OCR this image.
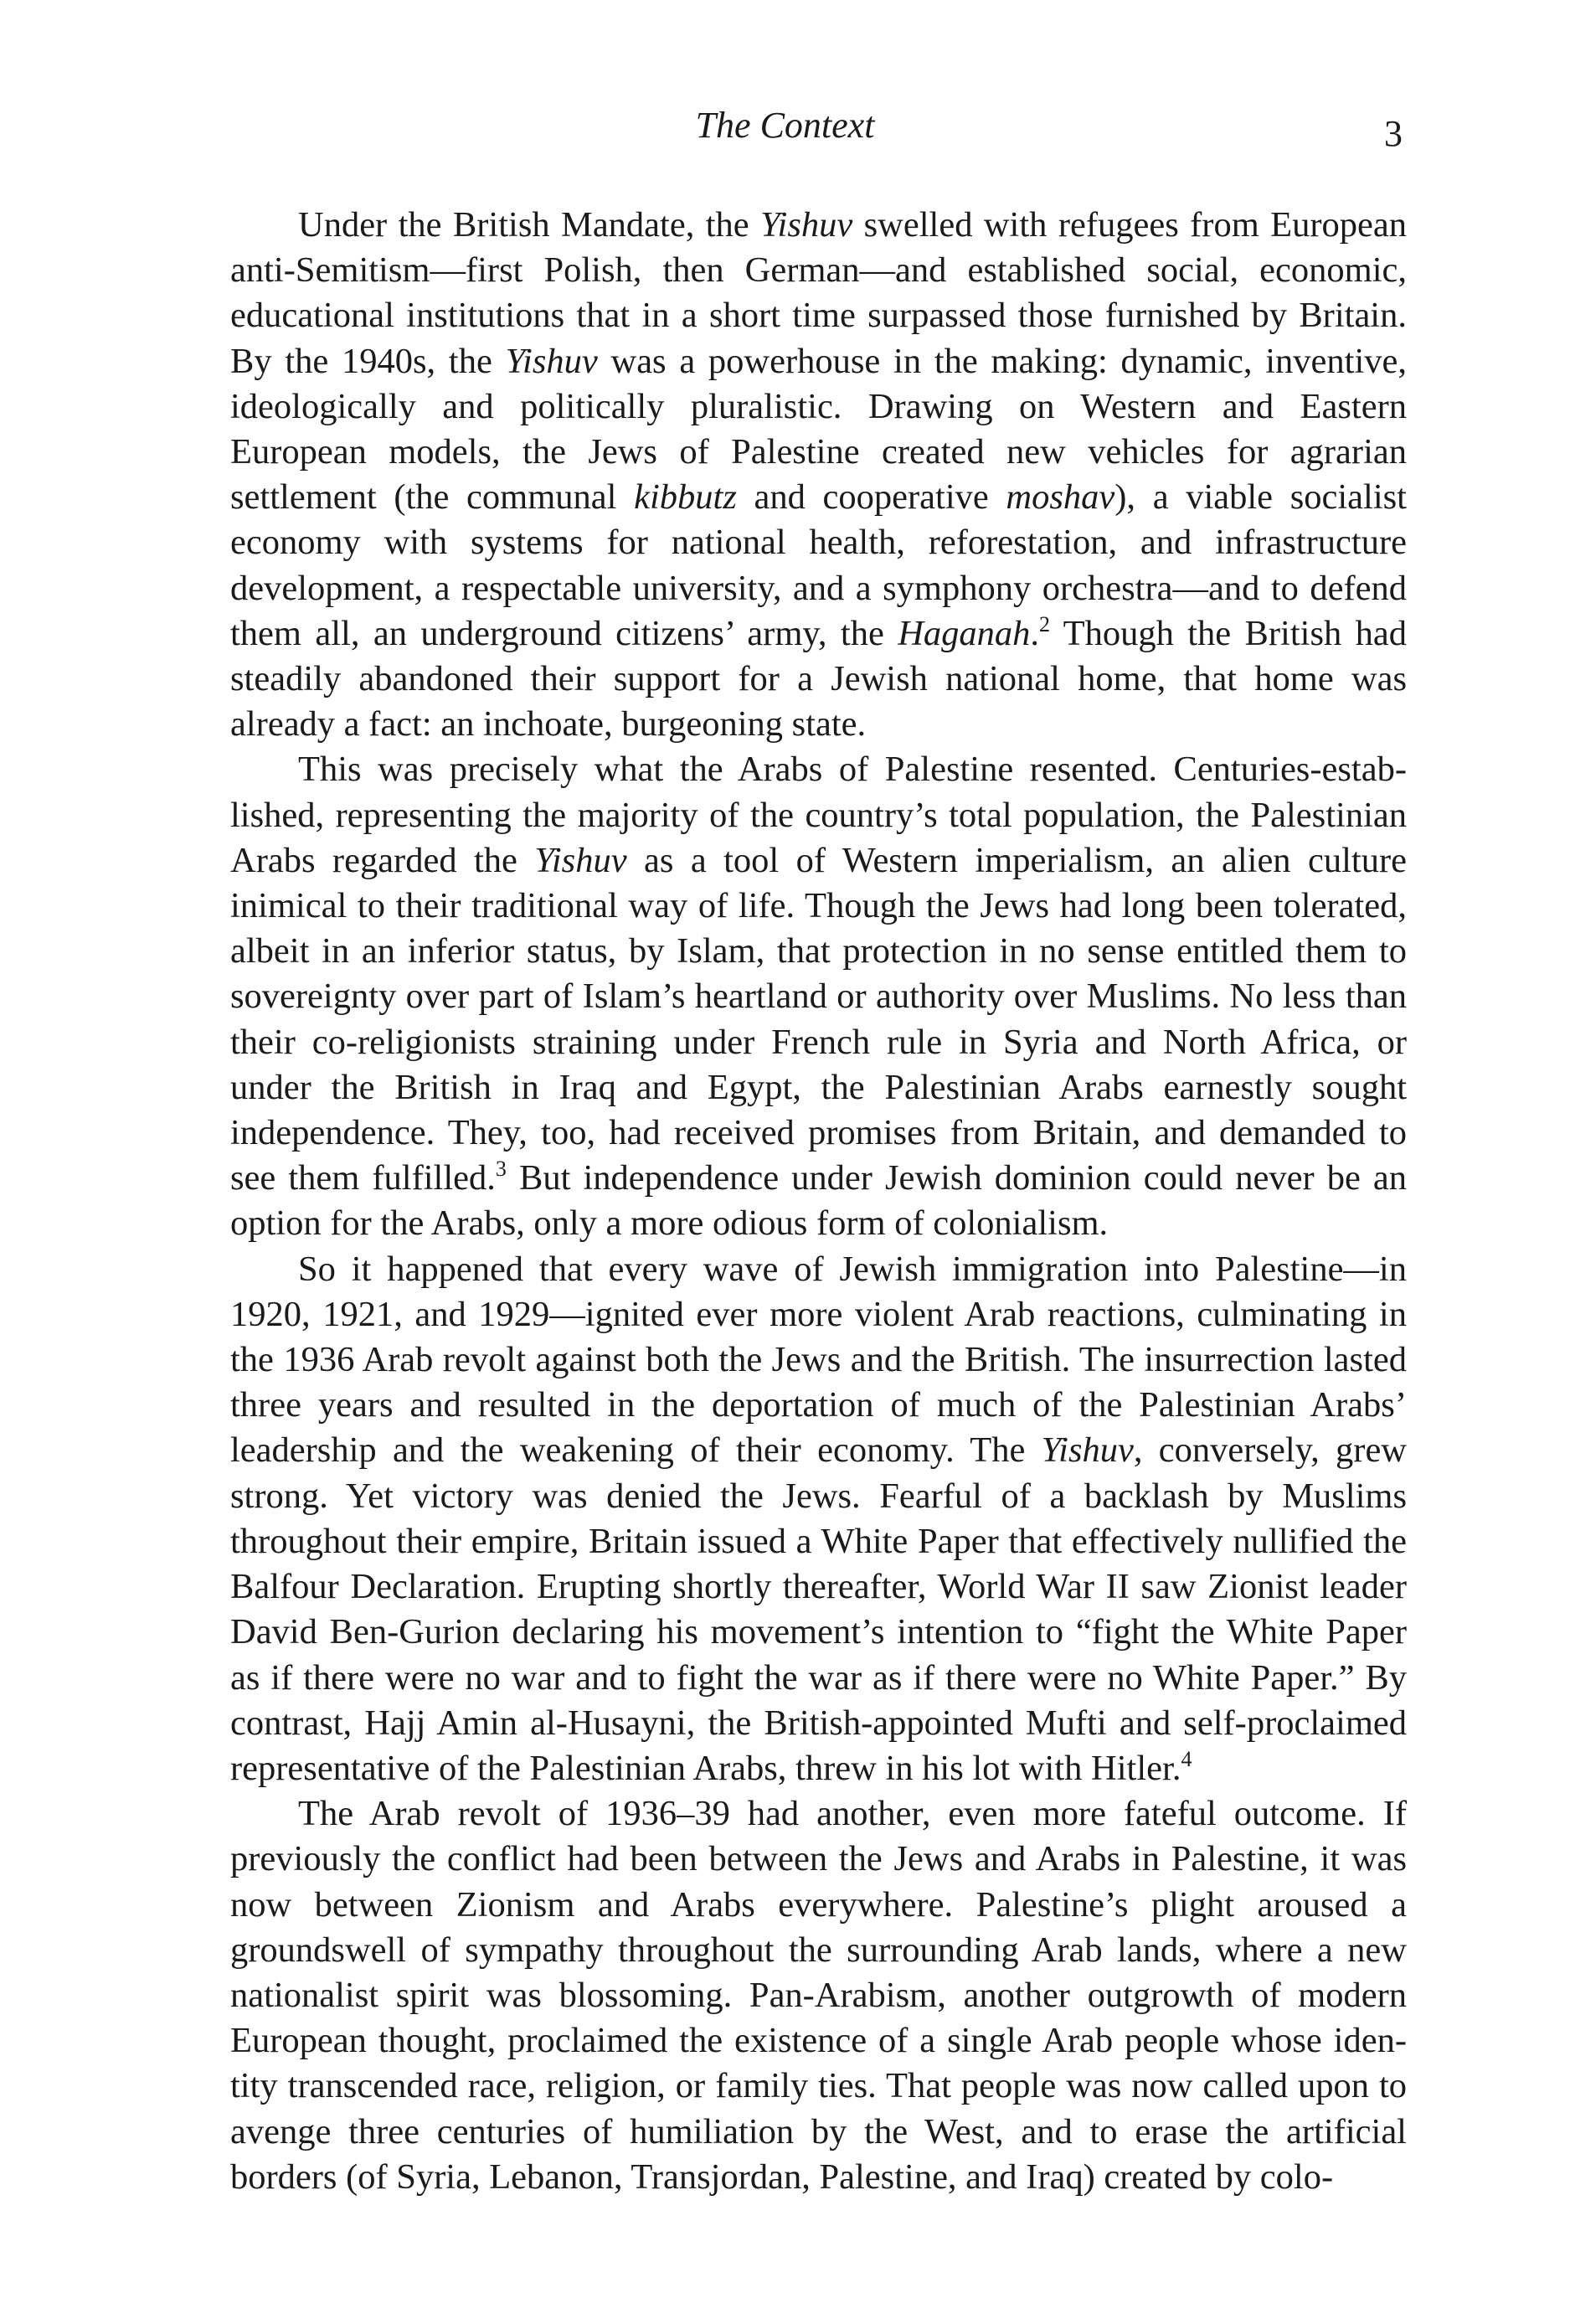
The Context	3

Under the British Mandate, the Yishuv swelled with refugees from European anti-Semitism—first Polish, then German—and established social, economic, educational institutions that in a short time surpassed those furnished by Britain. By the 1940s, the Yishuv was a powerhouse in the making: dynamic, inventive, ideologically and politically pluralistic. Drawing on Western and Eastern European models, the Jews of Palestine created new vehicles for agrarian settlement (the communal kibbutz and cooperative moshav), a viable socialist economy with systems for national health, reforestation, and infrastructure development, a respectable university, and a symphony orchestra—and to defend them all, an underground citizens’ army, the Haganah.$^2$ Though the British had steadily abandoned their support for a Jewish national home, that home was already a fact: an inchoate, burgeoning state.

This was precisely what the Arabs of Palestine resented. Centuries-established, representing the majority of the country’s total population, the Palestinian Arabs regarded the Yishuv as a tool of Western imperialism, an alien culture inimical to their traditional way of life. Though the Jews had long been tolerated, albeit in an inferior status, by Islam, that protection in no sense entitled them to sovereignty over part of Islam’s heartland or authority over Muslims. No less than their co-religionists straining under French rule in Syria and North Africa, or under the British in Iraq and Egypt, the Palestinian Arabs earnestly sought independence. They, too, had received promises from Britain, and demanded to see them fulfilled.$^3$ But independence under Jewish dominion could never be an option for the Arabs, only a more odious form of colonialism.

So it happened that every wave of Jewish immigration into Palestine—in 1920, 1921, and 1929—ignited ever more violent Arab reactions, culminating in the 1936 Arab revolt against both the Jews and the British. The insurrection lasted three years and resulted in the deportation of much of the Palestinian Arabs’ leadership and the weakening of their economy. The Yishuv, conversely, grew strong. Yet victory was denied the Jews. Fearful of a backlash by Muslims throughout their empire, Britain issued a White Paper that effectively nullified the Balfour Declaration. Erupting shortly thereafter, World War II saw Zionist leader David Ben-Gurion declaring his movement’s intention to “fight the White Paper as if there were no war and to fight the war as if there were no White Paper.” By contrast, Hajj Amin al-Husayni, the British-appointed Mufti and self-proclaimed representative of the Palestinian Arabs, threw in his lot with Hitler.$^4$

The Arab revolt of 1936–39 had another, even more fateful outcome. If previously the conflict had been between the Jews and Arabs in Palestine, it was now between Zionism and Arabs everywhere. Palestine’s plight aroused a groundswell of sympathy throughout the surrounding Arab lands, where a new nationalist spirit was blossoming. Pan-Arabism, another outgrowth of modern European thought, proclaimed the existence of a single Arab people whose identity transcended race, religion, or family ties. That people was now called upon to avenge three centuries of humiliation by the West, and to erase the artificial borders (of Syria, Lebanon, Transjordan, Palestine, and Iraq) created by colo-
